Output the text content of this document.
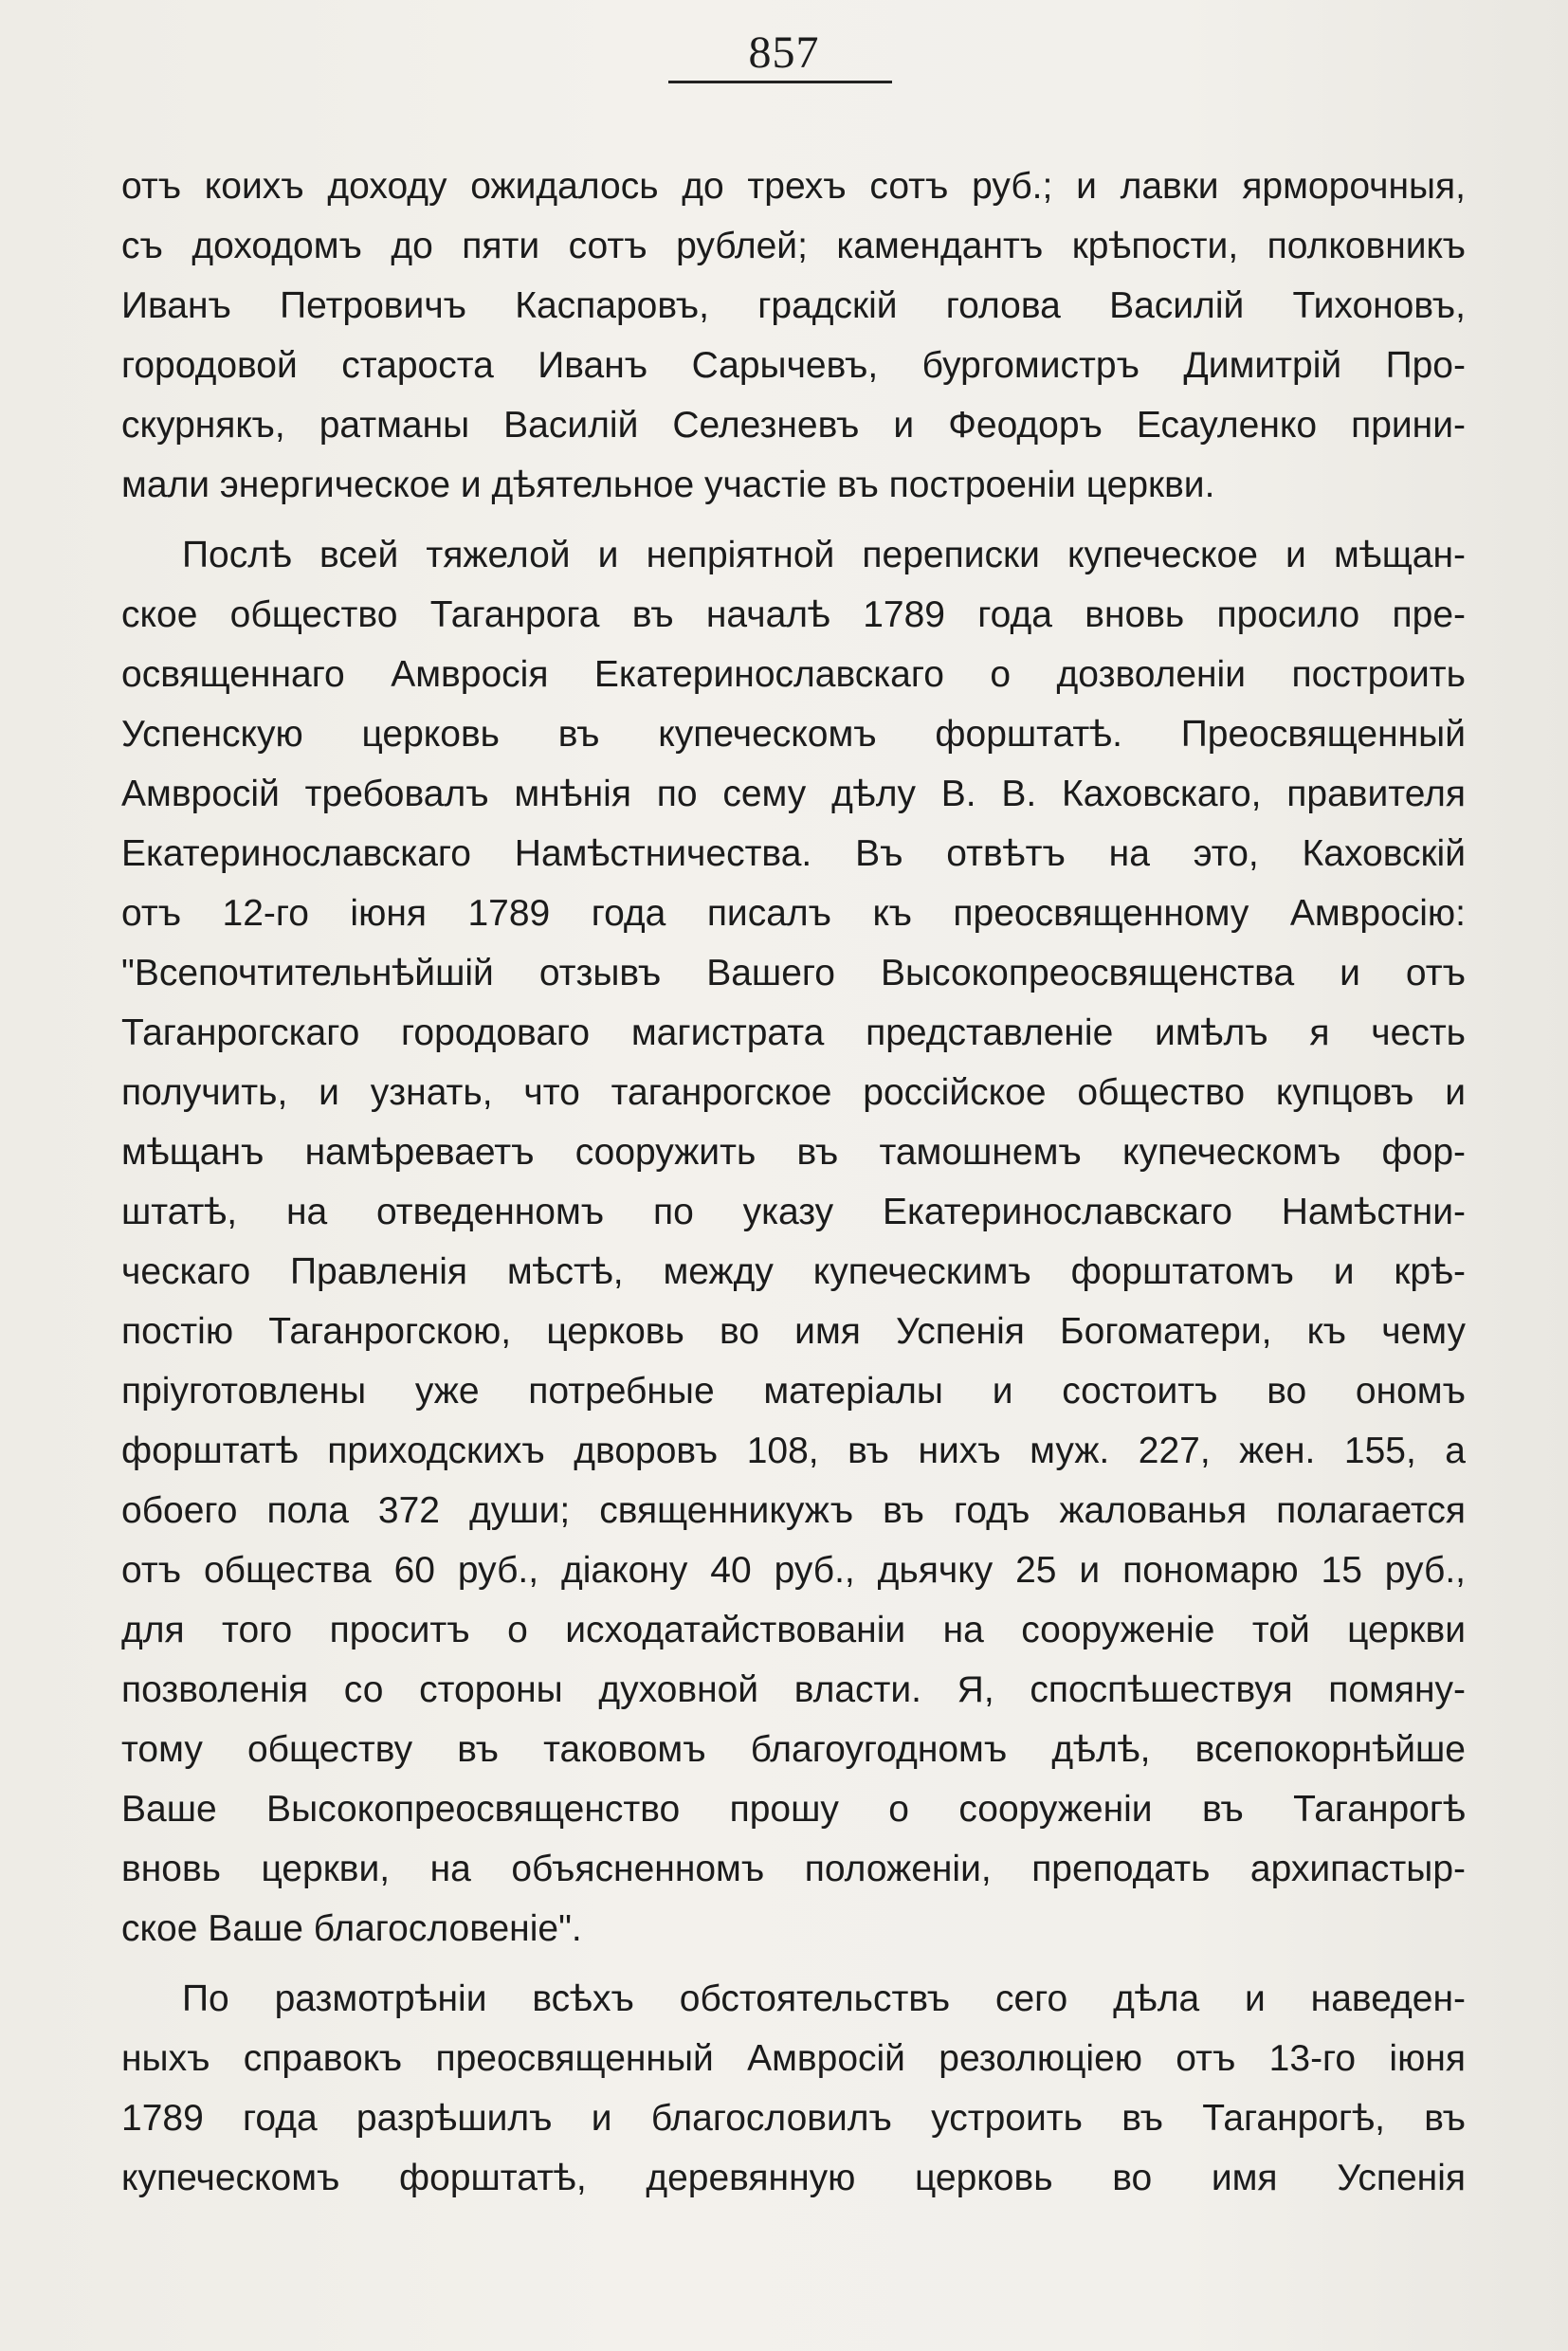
857
отъ коихъ доходу ожидалось до трехъ сотъ руб.; и лавки ярморочныя,
съ доходомъ до пяти сотъ рублей; камендантъ крѣпости, полковникъ
Иванъ Петровичъ Каспаровъ, градскій голова Василій Тихоновъ,
городовой староста Иванъ Сарычевъ, бургомистръ Димитрій Про-
скурнякъ, ратманы Василій Селезневъ и Феодоръ Есауленко прини-
мали энергическое и дѣятельное участіе въ построеніи церкви.
Послѣ всей тяжелой и непріятной переписки купеческое и мѣщан-
ское общество Таганрога въ началѣ 1789 года вновь просило пре-
освященнаго Амвросія Екатеринославскаго о дозволеніи построить
Успенскую церковь въ купеческомъ форштатѣ. Преосвященный
Амвросій требовалъ мнѣнія по сему дѣлу В. В. Каховскаго, правителя
Екатеринославскаго Намѣстничества. Въ отвѣтъ на это, Каховскій
отъ 12-го іюня 1789 года писалъ къ преосвященному Амвросію:
"Всепочтительнѣйшій отзывъ Вашего Высокопреосвященства и отъ
Таганрогскаго городоваго магистрата представленіе имѣлъ я честь
получить, и узнать, что таганрогское россійское общество купцовъ и
мѣщанъ намѣреваетъ сооружить въ тамошнемъ купеческомъ фор-
штатѣ, на отведенномъ по указу Екатеринославскаго Намѣстни-
ческаго Правленія мѣстѣ, между купеческимъ форштатомъ и крѣ-
постію Таганрогскою, церковь во имя Успенія Богоматери, къ чему
пріуготовлены уже потребные матеріалы и состоитъ во ономъ
форштатѣ приходскихъ дворовъ 108, въ нихъ муж. 227, жен. 155, а
обоего пола 372 души; священникужъ въ годъ жалованья полагается
отъ общества 60 руб., діакону 40 руб., дьячку 25 и пономарю 15 руб.,
для того проситъ о исходатайствованіи на сооруженіе той церкви
позволенія со стороны духовной власти. Я, споспѣшествуя помяну-
тому обществу въ таковомъ благоугодномъ дѣлѣ, всепокорнѣйше
Ваше Высокопреосвященство прошу о сооруженіи въ Таганрогѣ
вновь церкви, на объясненномъ положеніи, преподать архипастыр-
ское Ваше благословеніе".
По размотрѣніи всѣхъ обстоятельствъ сего дѣла и наведен-
ныхъ справокъ преосвященный Амвросій резолюціею отъ 13-го іюня
1789 года разрѣшилъ и благословилъ устроить въ Таганрогѣ, въ
купеческомъ форштатѣ, деревянную церковь во имя Успенія
